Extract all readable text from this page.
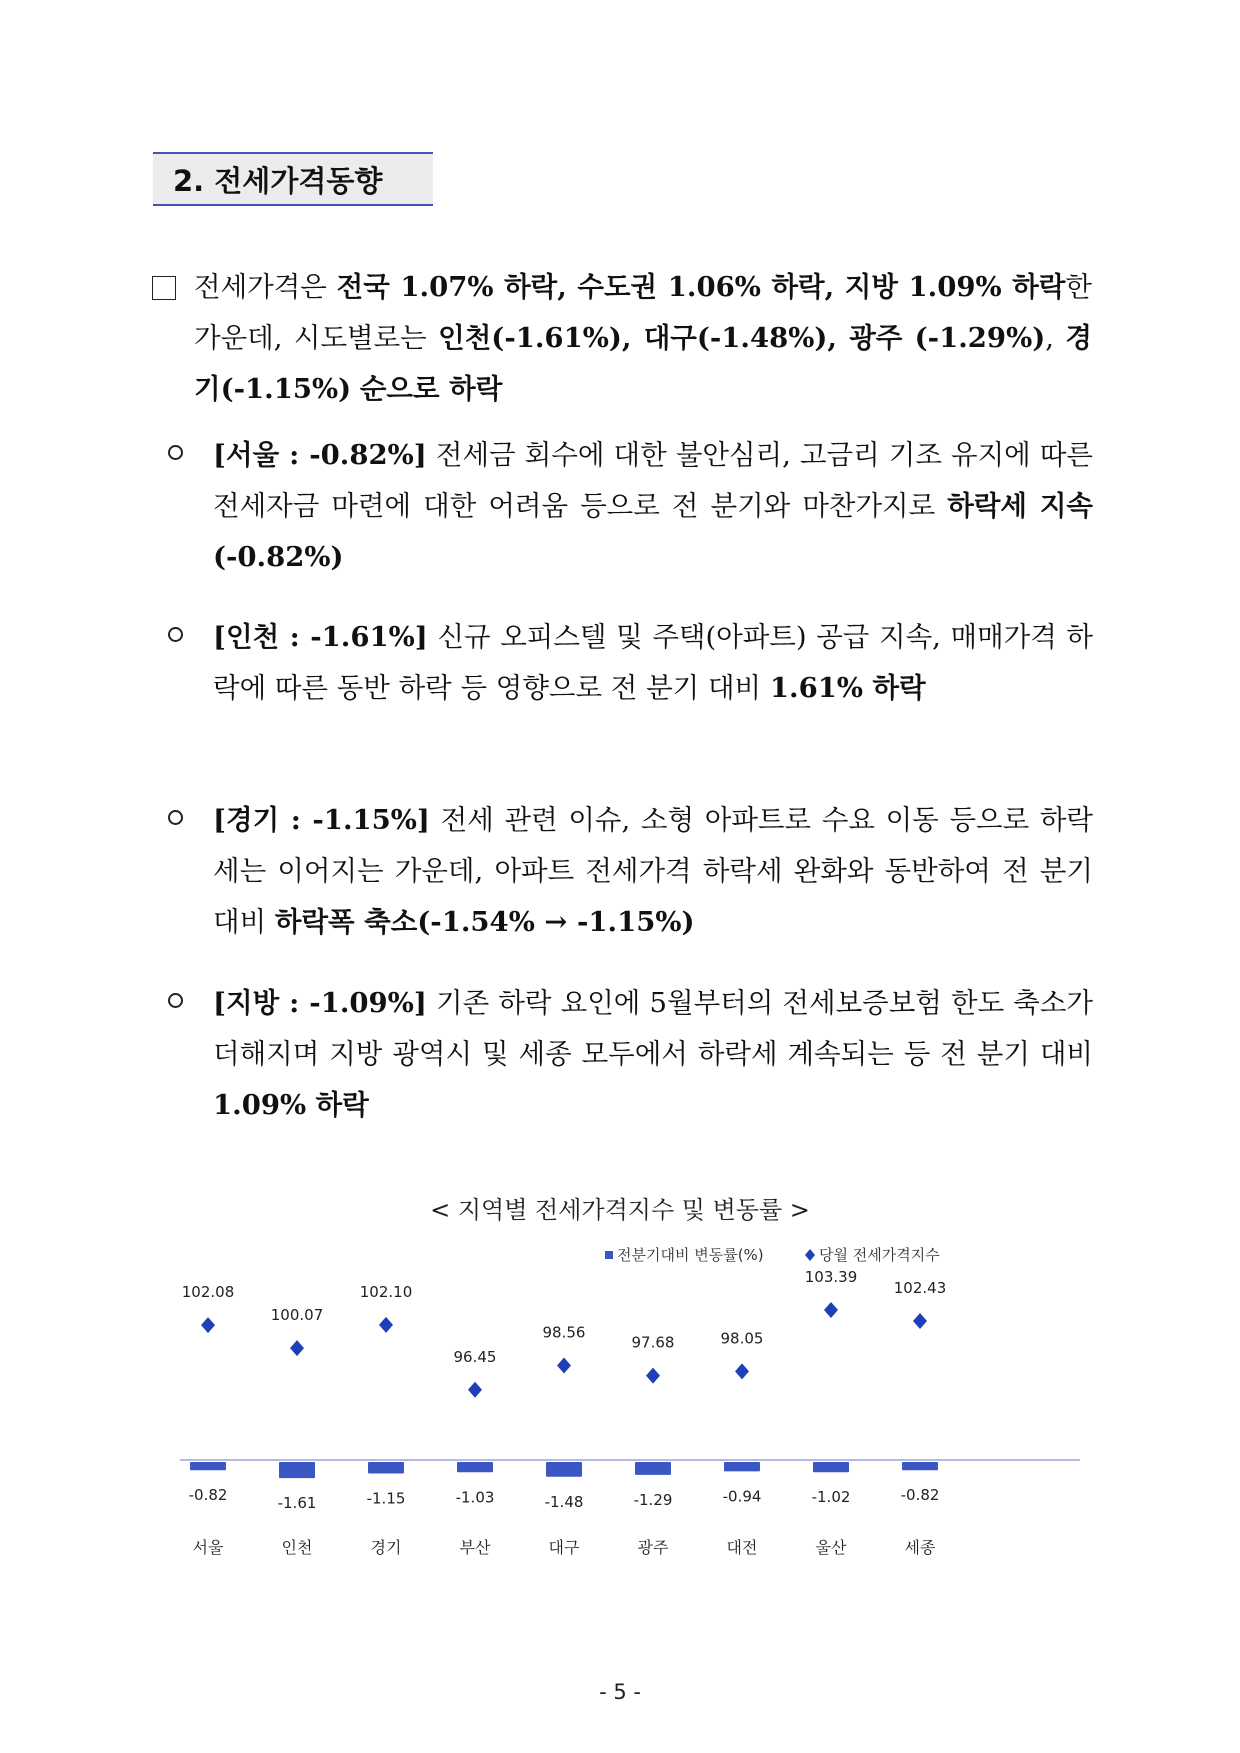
2. 전세가격동향
전세가격은 전국 1.07% 하락, 수도권 1.06% 하락, 지방 1.09% 하락한 가운데, 시도별로는 인천(-1.61%), 대구(-1.48%), 광주 (-1.29%), 경기(-1.15%) 순으로 하락
[서울 : -0.82%] 전세금 회수에 대한 불안심리, 고금리 기조 유지에 따른 전세자금 마련에 대한 어려움 등으로 전 분기와 마찬가지로 하락세 지속(-0.82%)
[인천 : -1.61%] 신규 오피스텔 및 주택(아파트) 공급 지속, 매매가격 하락에 따른 동반 하락 등 영향으로 전 분기 대비 1.61% 하락
[경기 : -1.15%] 전세 관련 이슈, 소형 아파트로 수요 이동 등으로 하락세는 이어지는 가운데, 아파트 전세가격 하락세 완화와 동반하여 전 분기 대비 하락폭 축소(-1.54% → -1.15%)
[지방 : -1.09%] 기존 하락 요인에 5월부터의 전세보증보험 한도 축소가 더해지며 지방 광역시 및 세종 모두에서 하락세 계속되는 등 전 분기 대비 1.09% 하락
< 지역별 전세가격지수 및 변동률 >
전분기대비 변동률(%)	당월 전세가격지수
-0.82
서울
102.08
-1.61
인천
100.07
-1.15
경기
102.10
-1.03
부산
96.45
-1.48
대구
98.56
-1.29
광주
97.68
-0.94
대전
98.05
-1.02
울산
103.39
-0.82
세종
102.43
- 5 -
